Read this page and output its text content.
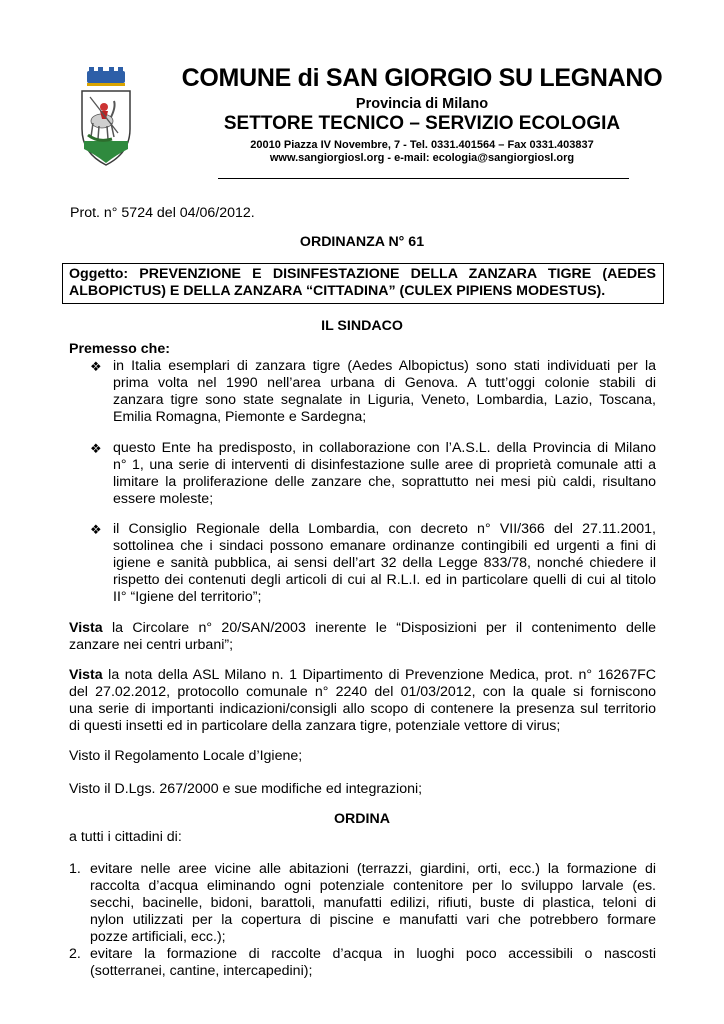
COMUNE di SAN GIORGIO SU LEGNANO
Provincia di Milano
SETTORE TECNICO – SERVIZIO ECOLOGIA
20010 Piazza IV Novembre, 7 - Tel. 0331.401564 – Fax 0331.403837
www.sangiorgiosl.org - e-mail: ecologia@sangiorgiosl.org
Prot. n° 5724 del 04/06/2012.
ORDINANZA N° 61
Oggetto: PREVENZIONE E DISINFESTAZIONE DELLA ZANZARA TIGRE (AEDES
ALBOPICTUS) E DELLA ZANZARA “CITTADINA” (CULEX PIPIENS MODESTUS).
IL SINDACO
Premesso che:
❖ in Italia esemplari di zanzara tigre (Aedes Albopictus) sono stati individuati per la
prima volta nel 1990 nell’area urbana di Genova. A tutt’oggi colonie stabili di
zanzara tigre sono state segnalate in Liguria, Veneto, Lombardia, Lazio, Toscana,
Emilia Romagna, Piemonte e Sardegna;
❖ questo Ente ha predisposto, in collaborazione con l’A.S.L. della Provincia di Milano
n° 1, una serie di interventi di disinfestazione sulle aree di proprietà comunale atti a
limitare la proliferazione delle zanzare che, soprattutto nei mesi più caldi, risultano
essere moleste;
❖ il Consiglio Regionale della Lombardia, con decreto n° VII/366 del 27.11.2001,
sottolinea che i sindaci possono emanare ordinanze contingibili ed urgenti a fini di
igiene e sanità pubblica, ai sensi dell’art 32 della Legge 833/78, nonché chiedere il
rispetto dei contenuti degli articoli di cui al R.L.I. ed in particolare quelli di cui al titolo
II° “Igiene del territorio”;
Vista la Circolare n° 20/SAN/2003 inerente le “Disposizioni per il contenimento delle
zanzare nei centri urbani”;
Vista la nota della ASL Milano n. 1 Dipartimento di Prevenzione Medica, prot. n° 16267FC
del 27.02.2012, protocollo comunale n° 2240 del 01/03/2012, con la quale si forniscono
una serie di importanti indicazioni/consigli allo scopo di contenere la presenza sul territorio
di questi insetti ed in particolare della zanzara tigre, potenziale vettore di virus;
Visto il Regolamento Locale d’Igiene;
Visto il D.Lgs. 267/2000 e sue modifiche ed integrazioni;
ORDINA
a tutti i cittadini di:
1. evitare nelle aree vicine alle abitazioni (terrazzi, giardini, orti, ecc.) la formazione di
raccolta d’acqua eliminando ogni potenziale contenitore per lo sviluppo larvale (es.
secchi, bacinelle, bidoni, barattoli, manufatti edilizi, rifiuti, buste di plastica, teloni di
nylon utilizzati per la copertura di piscine e manufatti vari che potrebbero formare
pozze artificiali, ecc.);
2. evitare la formazione di raccolte d’acqua in luoghi poco accessibili o nascosti
(sotterranei, cantine, intercapedini);
